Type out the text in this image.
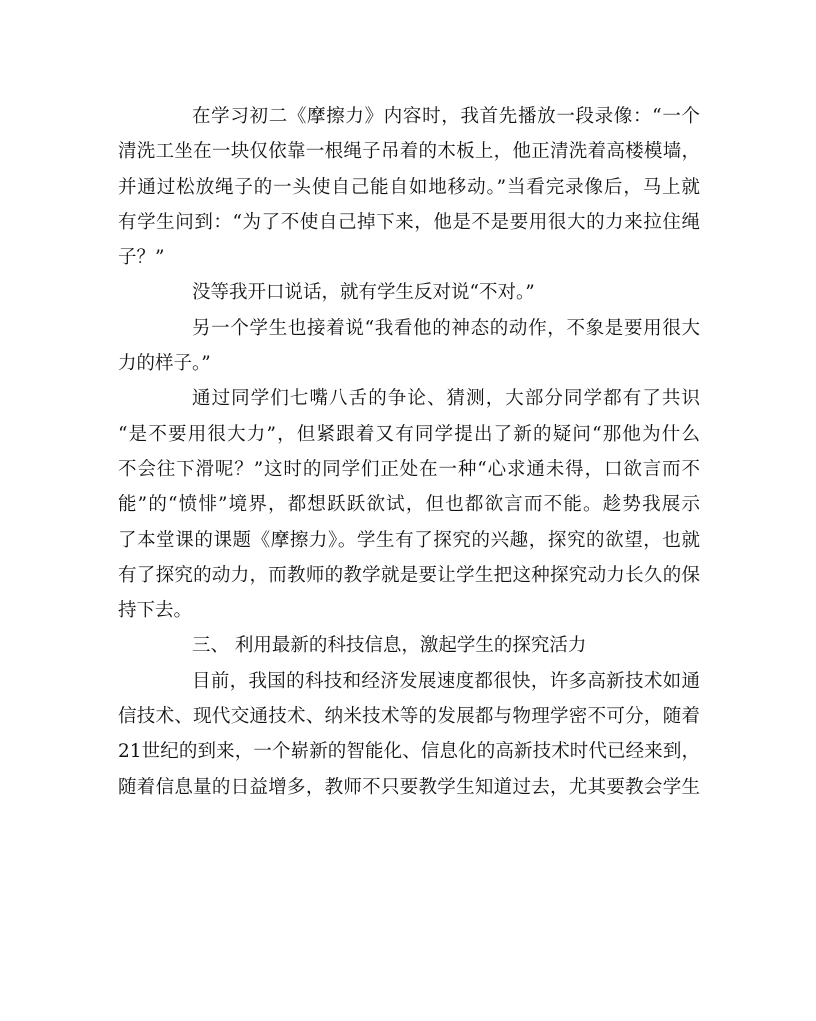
在学习初二《摩擦力》内容时，我首先播放一段录像：“一个
清洗工坐在一块仅依靠一根绳子吊着的木板上，他正清洗着高楼模墙，
并通过松放绳子的一头使自己能自如地移动。”当看完录像后，马上就
有学生问到：“为了不使自己掉下来，他是不是要用很大的力来拉住绳
子？”
没等我开口说话，就有学生反对说“不对。”
另一个学生也接着说“我看他的神态的动作，不象是要用很大
力的样子。”
通过同学们七嘴八舌的争论、猜测，大部分同学都有了共识
“是不要用很大力”，但紧跟着又有同学提出了新的疑问“那他为什么
不会往下滑呢？”这时的同学们正处在一种“心求通未得，口欲言而不
能”的“愤悱”境界，都想跃跃欲试，但也都欲言而不能。趁势我展示
了本堂课的课题《摩擦力》。学生有了探究的兴趣，探究的欲望，也就
有了探究的动力，而教师的教学就是要让学生把这种探究动力长久的保
持下去。
三、 利用最新的科技信息，激起学生的探究活力
目前，我国的科技和经济发展速度都很快，许多高新技术如通
信技术、现代交通技术、纳米技术等的发展都与物理学密不可分，随着
21世纪的到来，一个崭新的智能化、信息化的高新技术时代已经来到，
随着信息量的日益增多，教师不只要教学生知道过去，尤其要教会学生
